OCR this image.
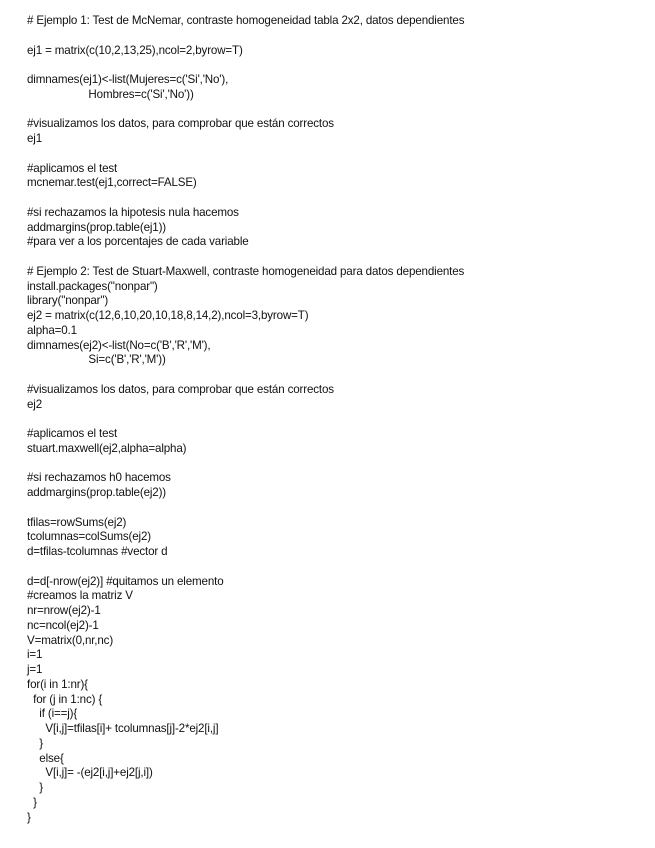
# Ejemplo 1: Test de McNemar, contraste homogeneidad tabla 2x2, datos dependientes
ej1 = matrix(c(10,2,13,25),ncol=2,byrow=T)
dimnames(ej1)<-list(Mujeres=c('Si','No'),
Hombres=c('Si','No'))
#visualizamos los datos, para comprobar que están correctos
ej1
#aplicamos el test
mcnemar.test(ej1,correct=FALSE)
#si rechazamos la hipotesis nula hacemos
addmargins(prop.table(ej1))
#para ver a los porcentajes de cada variable
# Ejemplo 2: Test de Stuart-Maxwell, contraste homogeneidad para datos dependientes
install.packages("nonpar")
library("nonpar")
ej2 = matrix(c(12,6,10,20,10,18,8,14,2),ncol=3,byrow=T)
alpha=0.1
dimnames(ej2)<-list(No=c('B','R','M'),
Si=c('B','R','M'))
#visualizamos los datos, para comprobar que están correctos
ej2
#aplicamos el test
stuart.maxwell(ej2,alpha=alpha)
#si rechazamos h0 hacemos
addmargins(prop.table(ej2))
tfilas=rowSums(ej2)
tcolumnas=colSums(ej2)
d=tfilas-tcolumnas #vector d
d=d[-nrow(ej2)] #quitamos un elemento
#creamos la matriz V
nr=nrow(ej2)-1
nc=ncol(ej2)-1
V=matrix(0,nr,nc)
i=1
j=1
for(i in 1:nr){
for (j in 1:nc) {
if (i==j){
V[i,j]=tfilas[i]+ tcolumnas[j]-2*ej2[i,j]
}
else{
V[i,j]= -(ej2[i,j]+ej2[j,i])
}
}
}
